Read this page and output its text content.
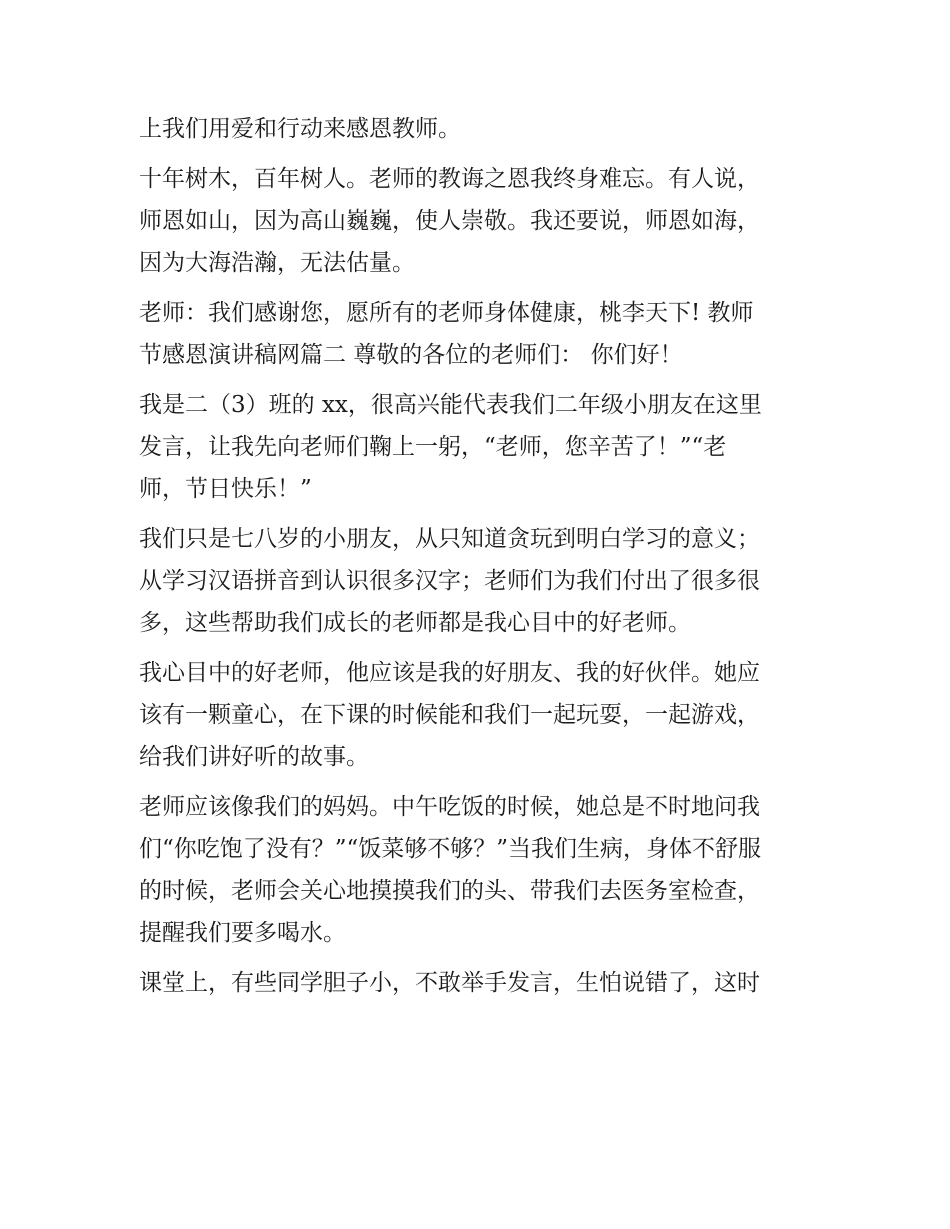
上我们用爱和行动来感恩教师。
十年树木，百年树人。老师的教诲之恩我终身难忘。有人说，
师恩如山，因为高山巍巍，使人崇敬。我还要说，师恩如海，
因为大海浩瀚，无法估量。
老师：我们感谢您，愿所有的老师身体健康，桃李天下! 教师
节感恩演讲稿网篇二 尊敬的各位的老师们： 你们好！
我是二（3）班的 xx，很高兴能代表我们二年级小朋友在这里
发言，让我先向老师们鞠上一躬，“老师，您辛苦了！”“老
师，节日快乐！”
我们只是七八岁的小朋友，从只知道贪玩到明白学习的意义；
从学习汉语拼音到认识很多汉字；老师们为我们付出了很多很
多，这些帮助我们成长的老师都是我心目中的好老师。
我心目中的好老师，他应该是我的好朋友、我的好伙伴。她应
该有一颗童心，在下课的时候能和我们一起玩耍，一起游戏，
给我们讲好听的故事。
老师应该像我们的妈妈。中午吃饭的时候，她总是不时地问我
们“你吃饱了没有？”“饭菜够不够？”当我们生病，身体不舒服
的时候，老师会关心地摸摸我们的头、带我们去医务室检查，
提醒我们要多喝水。
课堂上，有些同学胆子小，不敢举手发言，生怕说错了，这时
